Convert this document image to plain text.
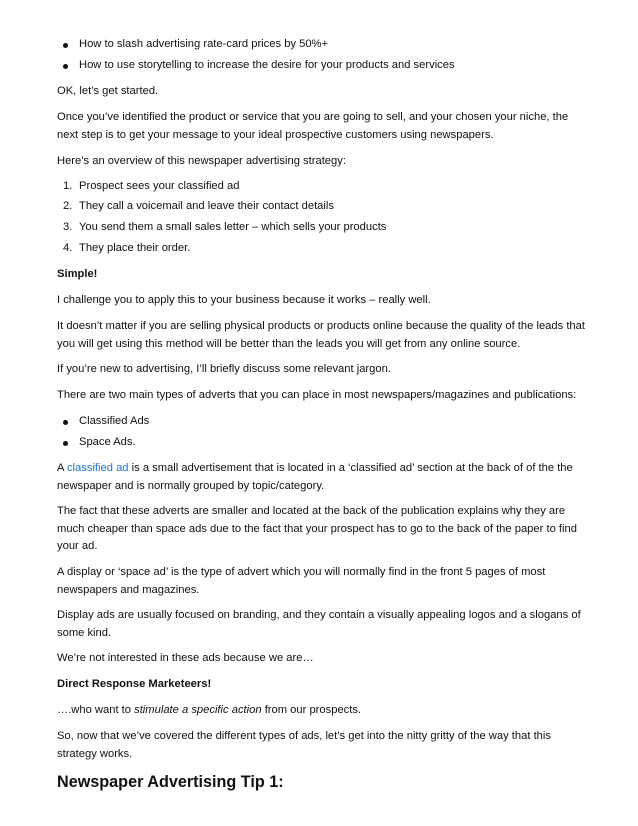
How to slash advertising rate-card prices by 50%+
How to use storytelling to increase the desire for your products and services

OK, let’s get started.

Once you’ve identified the product or service that you are going to sell, and your chosen your niche, the next step is to get your message to your ideal prospective customers using newspapers.

Here’s an overview of this newspaper advertising strategy:

1. Prospect sees your classified ad
2. They call a voicemail and leave their contact details
3. You send them a small sales letter – which sells your products
4. They place their order.

Simple!

I challenge you to apply this to your business because it works – really well.

It doesn’t matter if you are selling physical products or products online because the quality of the leads that you will get using this method will be better than the leads you will get from any online source.

If you’re new to advertising, I’ll briefly discuss some relevant jargon.

There are two main types of adverts that you can place in most newspapers/magazines and publications:

Classified Ads
Space Ads.

A classified ad is a small advertisement that is located in a ‘classified ad’ section at the back of of the the newspaper and is normally grouped by topic/category.

The fact that these adverts are smaller and located at the back of the publication explains why they are much cheaper than space ads due to the fact that your prospect has to go to the back of the paper to find your ad.

A display or ‘space ad’ is the type of advert which you will normally find in the front 5 pages of most newspapers and magazines.

Display ads are usually focused on branding, and they contain a visually appealing logos and a slogans of some kind.

We’re not interested in these ads because we are…

Direct Response Marketeers!

….who want to stimulate a specific action from our prospects.

So, now that we’ve covered the different types of ads, let’s get into the nitty gritty of the way that this strategy works.

Newspaper Advertising Tip 1:
